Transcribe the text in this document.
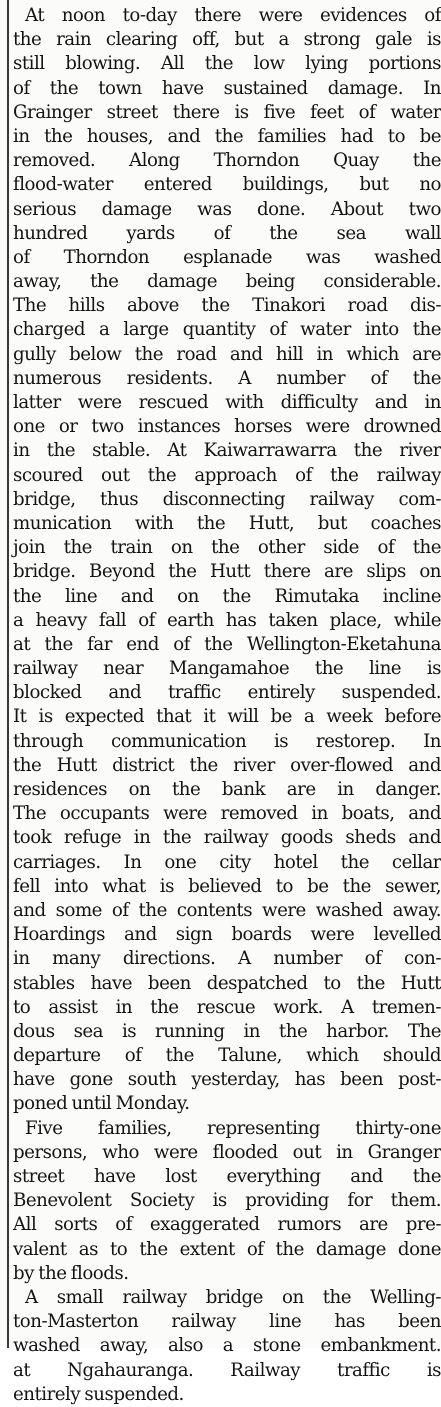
At noon to-day there were evidences of
the rain clearing off, but a strong gale is
still blowing. All the low lying portions
of the town have sustained damage. In
Grainger street there is five feet of water
in the houses, and the families had to be
removed. Along Thorndon Quay the
flood-water entered buildings, but no
serious damage was done. About two
hundred yards of the sea wall
of Thorndon esplanade was washed
away, the damage being considerable.
The hills above the Tinakori road dis-
charged a large quantity of water into the
gully below the road and hill in which are
numerous residents. A number of the
latter were rescued with difficulty and in
one or two instances horses were drowned
in the stable. At Kaiwarrawarra the river
scoured out the approach of the railway
bridge, thus disconnecting railway com-
munication with the Hutt, but coaches
join the train on the other side of the
bridge. Beyond the Hutt there are slips on
the line and on the Rimutaka incline
a heavy fall of earth has taken place, while
at the far end of the Wellington-Eketahuna
railway near Mangamahoe the line is
blocked and traffic entirely suspended.
It is expected that it will be a week before
through communication is restorep. In
the Hutt district the river over-flowed and
residences on the bank are in danger.
The occupants were removed in boats, and
took refuge in the railway goods sheds and
carriages. In one city hotel the cellar
fell into what is believed to be the sewer,
and some of the contents were washed away.
Hoardings and sign boards were levelled
in many directions. A number of con-
stables have been despatched to the Hutt
to assist in the rescue work. A tremen-
dous sea is running in the harbor. The
departure of the Talune, which should
have gone south yesterday, has been post-
poned until Monday.
Five families, representing thirty-one
persons, who were flooded out in Granger
street have lost everything and the
Benevolent Society is providing for them.
All sorts of exaggerated rumors are pre-
valent as to the extent of the damage done
by the floods.
A small railway bridge on the Welling-
ton-Masterton railway line has been
washed away, also a stone embankment.
at Ngahauranga. Railway traffic is
entirely suspended.
